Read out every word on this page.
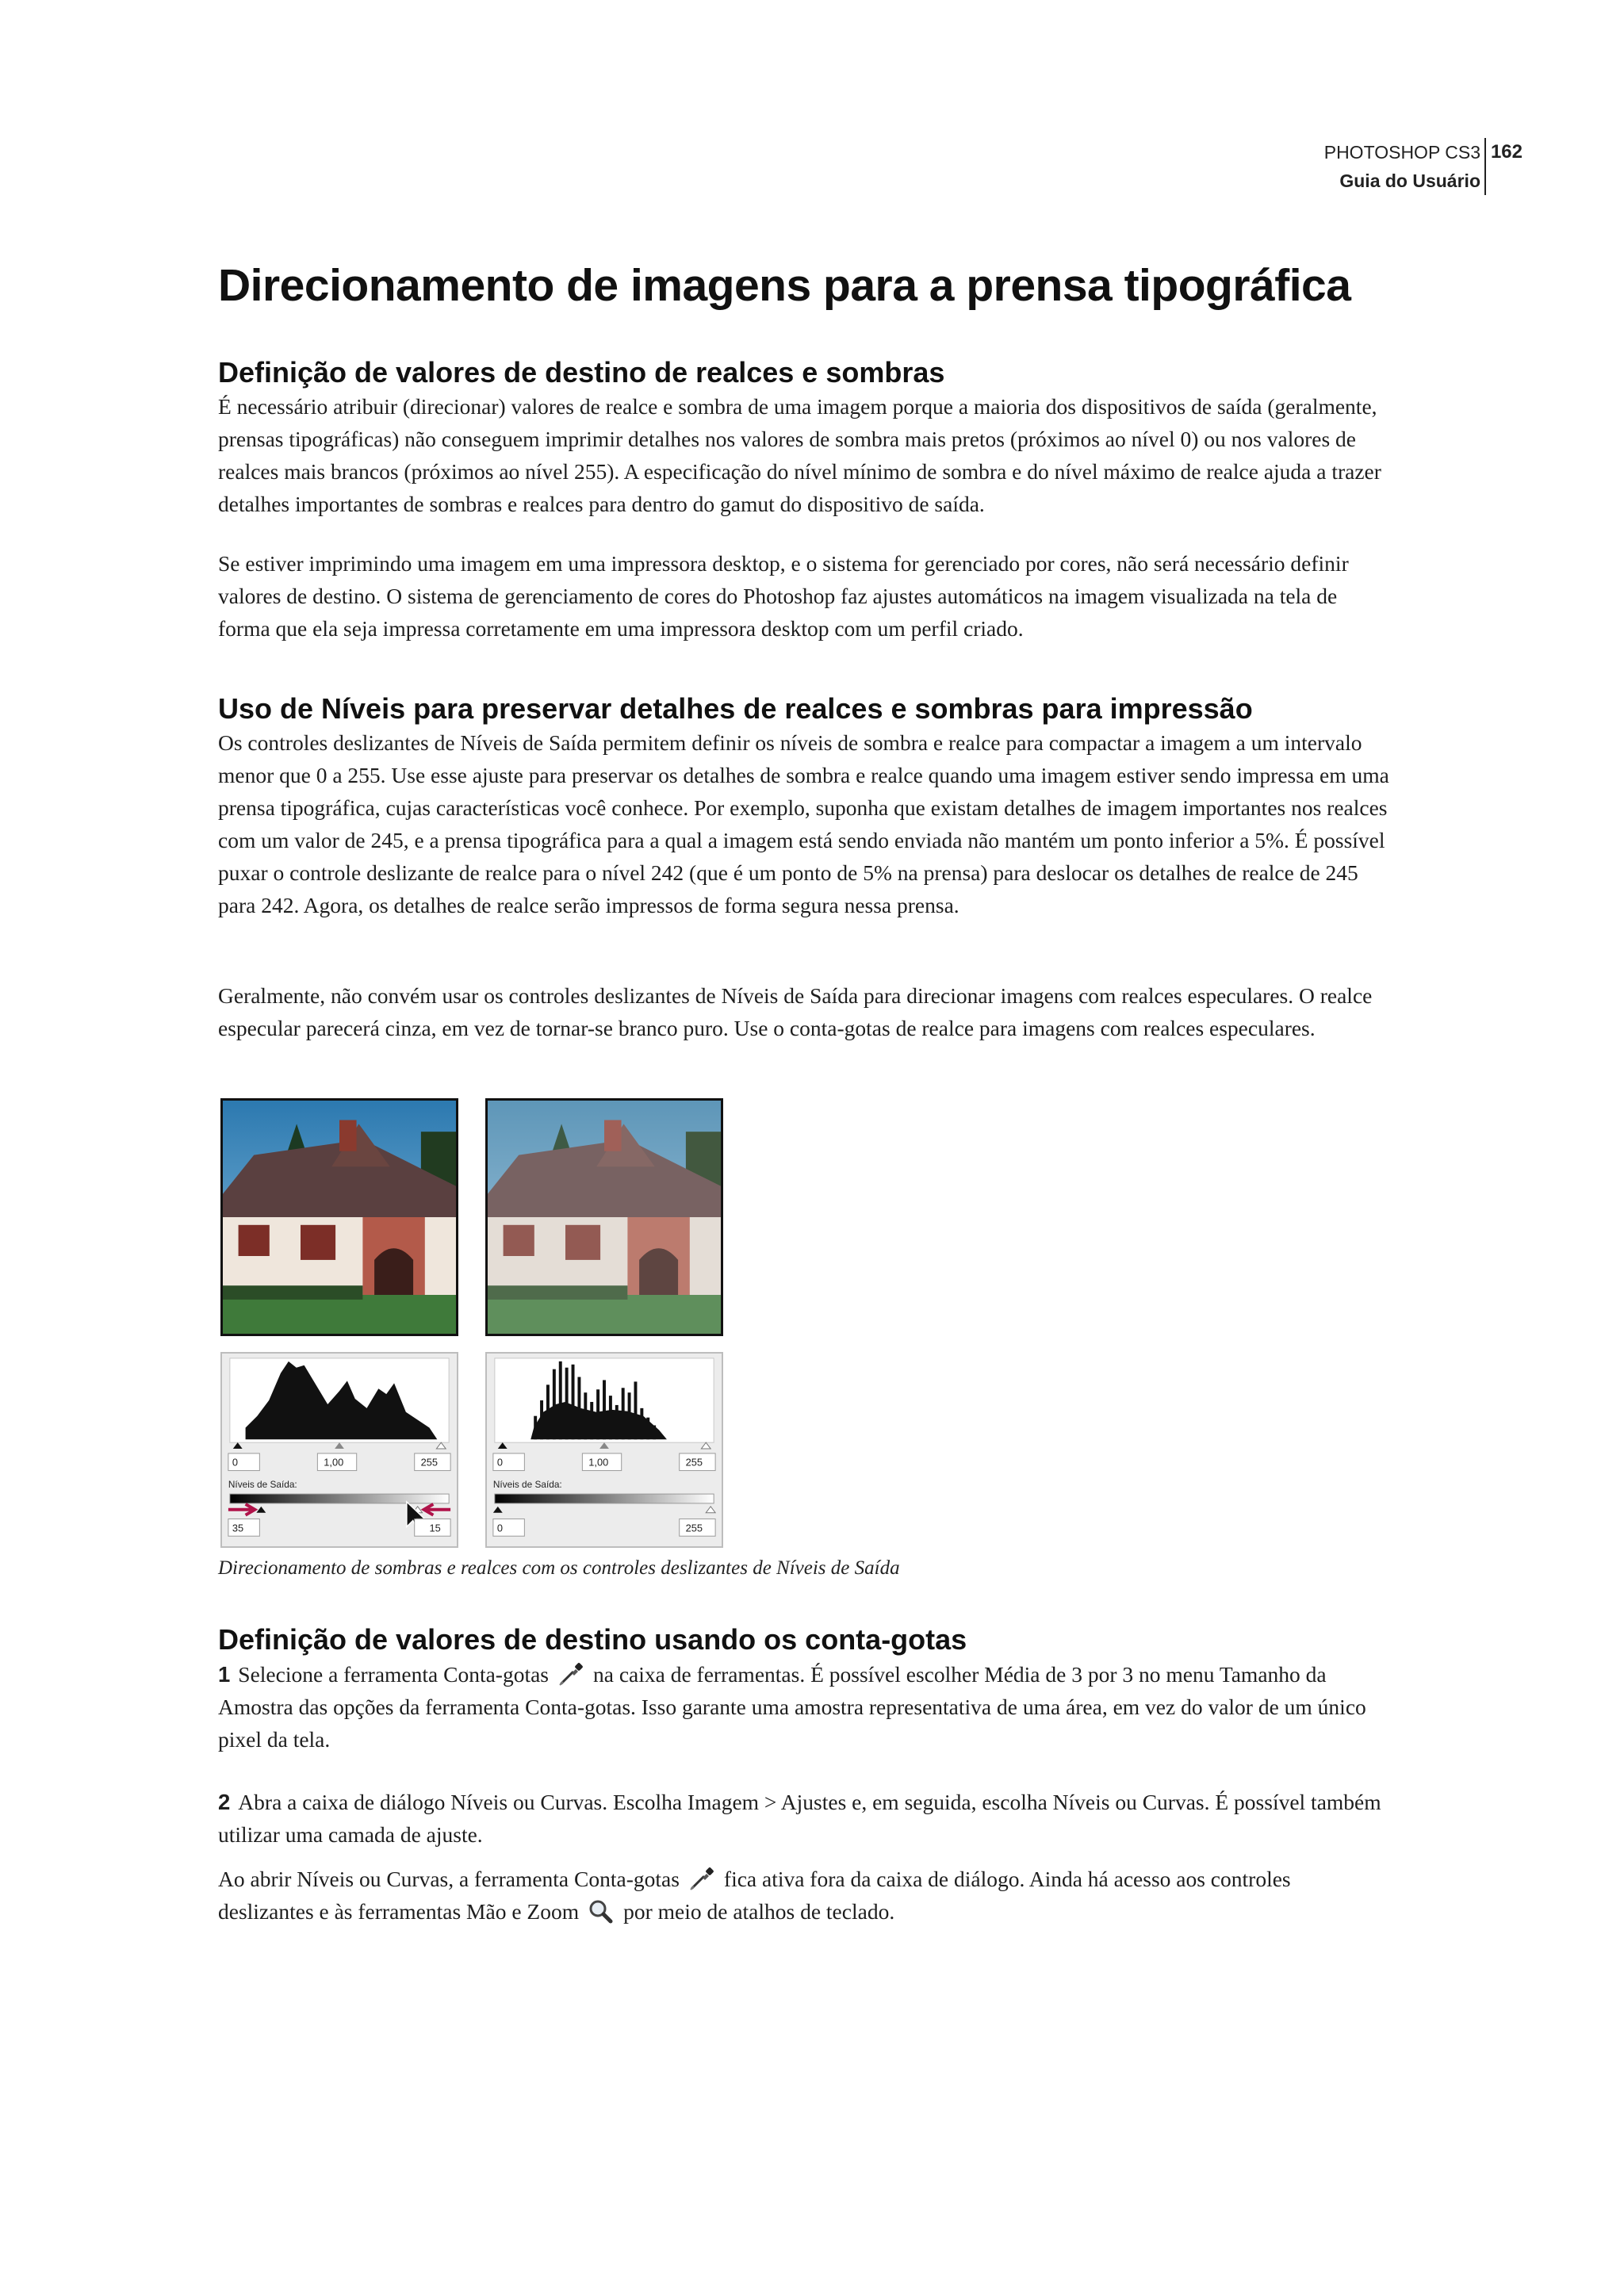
PHOTOSHOP CS3
Guia do Usuário
162
Direcionamento de imagens para a prensa tipográfica
Definição de valores de destino de realces e sombras

É necessário atribuir (direcionar) valores de realce e sombra de uma imagem porque a maioria dos dispositivos de saída (geralmente, prensas tipográficas) não conseguem imprimir detalhes nos valores de sombra mais pretos (próximos ao nível 0) ou nos valores de realces mais brancos (próximos ao nível 255). A especificação do nível mínimo de sombra e do nível máximo de realce ajuda a trazer detalhes importantes de sombras e realces para dentro do gamut do dispositivo de saída.

Se estiver imprimindo uma imagem em uma impressora desktop, e o sistema for gerenciado por cores, não será necessário definir valores de destino. O sistema de gerenciamento de cores do Photoshop faz ajustes automáticos na imagem visualizada na tela de forma que ela seja impressa corretamente em uma impressora desktop com um perfil criado.

Uso de Níveis para preservar detalhes de realces e sombras para impressão

Os controles deslizantes de Níveis de Saída permitem definir os níveis de sombra e realce para compactar a imagem a um intervalo menor que 0 a 255. Use esse ajuste para preservar os detalhes de sombra e realce quando uma imagem estiver sendo impressa em uma prensa tipográfica, cujas características você conhece. Por exemplo, suponha que existam detalhes de imagem importantes nos realces com um valor de 245, e a prensa tipográfica para a qual a imagem está sendo enviada não mantém um ponto inferior a 5%. É possível puxar o controle deslizante de realce para o nível 242 (que é um ponto de 5% na prensa) para deslocar os detalhes de realce de 245 para 242. Agora, os detalhes de realce serão impressos de forma segura nessa prensa.

Geralmente, não convém usar os controles deslizantes de Níveis de Saída para direcionar imagens com realces especulares. O realce especular parecerá cinza, em vez de tornar-se branco puro. Use o conta-gotas de realce para imagens com realces especulares.

0	1,00	255
Níveis de Saída:
35	15
0	1,00	255
Níveis de Saída:
0	255
Direcionamento de sombras e realces com os controles deslizantes de Níveis de Saída
Definição de valores de destino usando os conta-gotas

1 Selecione a ferramenta Conta-gotas na caixa de ferramentas. É possível escolher Média de 3 por 3 no menu Tamanho da Amostra das opções da ferramenta Conta-gotas. Isso garante uma amostra representativa de uma área, em vez do valor de um único pixel da tela.

2 Abra a caixa de diálogo Níveis ou Curvas. Escolha Imagem > Ajustes e, em seguida, escolha Níveis ou Curvas. É possível também utilizar uma camada de ajuste.

Ao abrir Níveis ou Curvas, a ferramenta Conta-gotas fica ativa fora da caixa de diálogo. Ainda há acesso aos controles deslizantes e às ferramentas Mão e Zoom por meio de atalhos de teclado.
